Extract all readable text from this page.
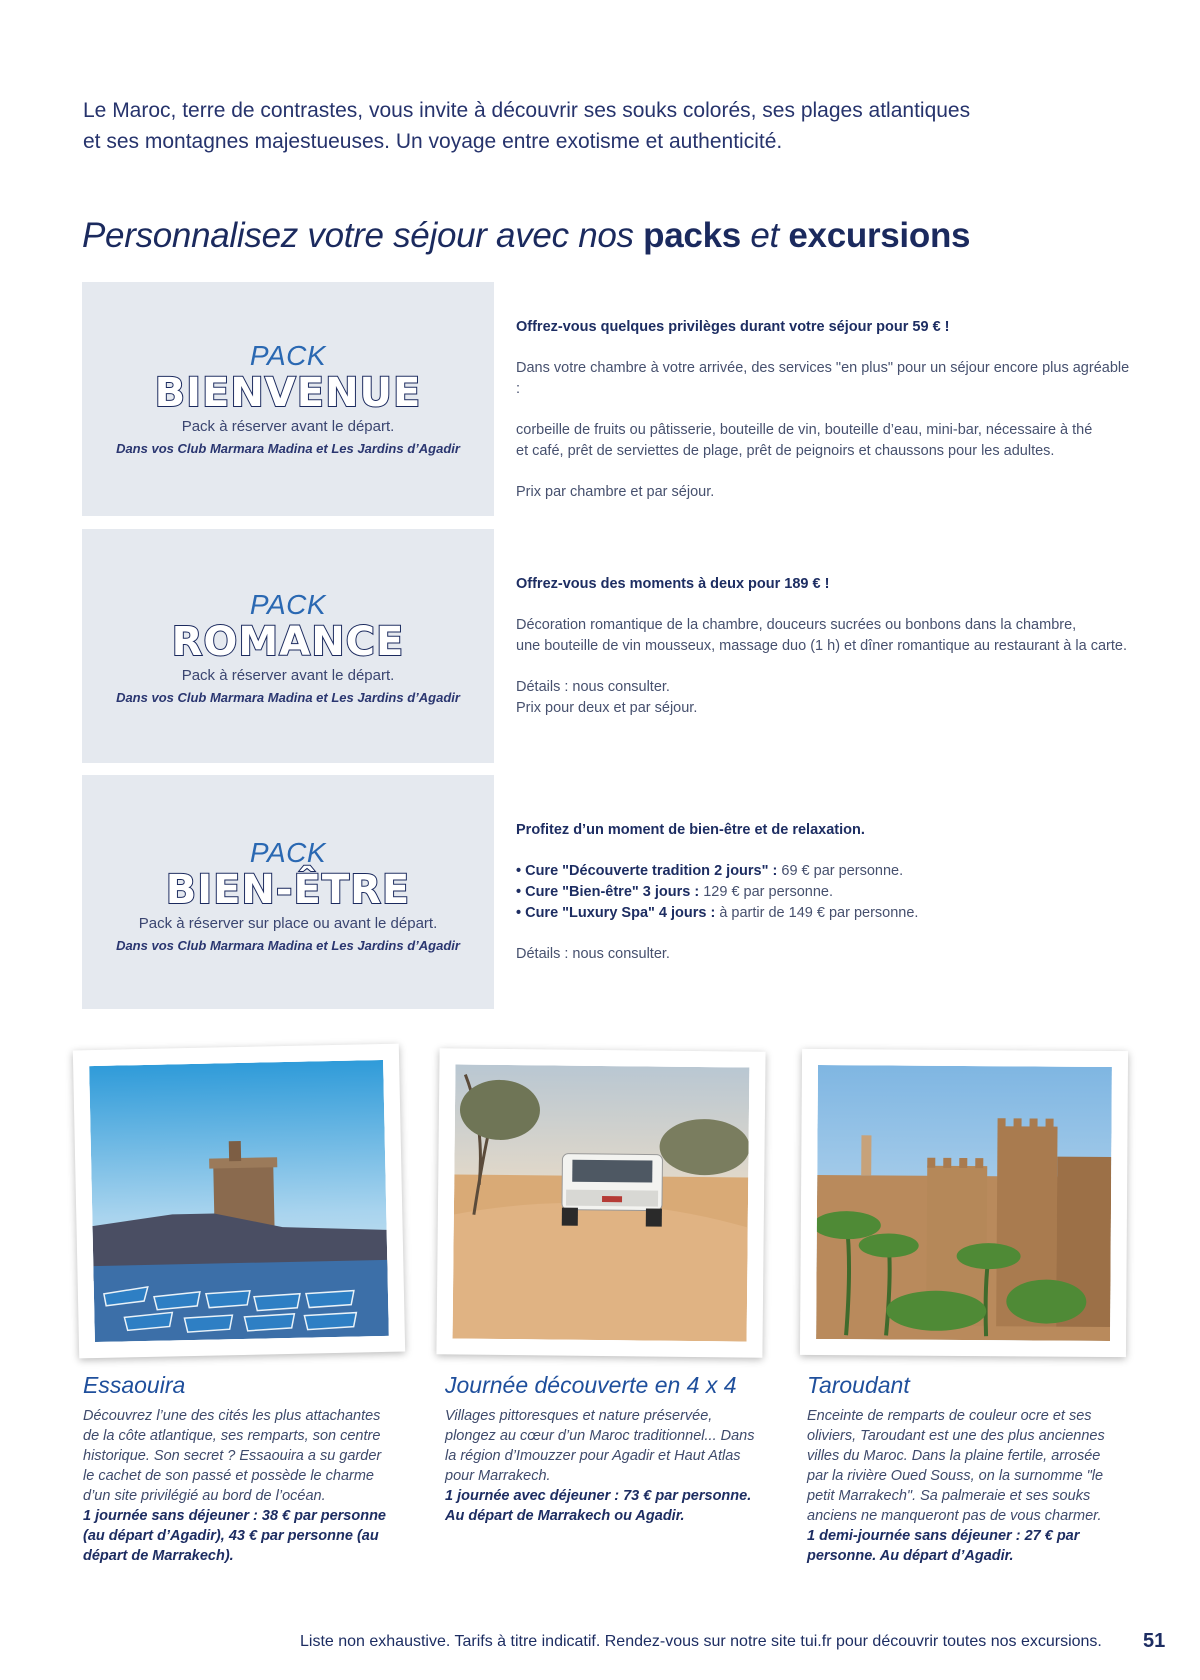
Le Maroc, terre de contrastes, vous invite à découvrir ses souks colorés, ses plages atlantiques
et ses montagnes majestueuses. Un voyage entre exotisme et authenticité.
Personnalisez votre séjour avec nos packs et excursions
PACK
BIENVENUE
Pack à réserver avant le départ.
Dans vos Club Marmara Madina et Les Jardins d’Agadir
Offrez-vous quelques privilèges durant votre séjour pour 59 € !

Dans votre chambre à votre arrivée, des services "en plus" pour un séjour encore plus agréable :

corbeille de fruits ou pâtisserie, bouteille de vin, bouteille d’eau, mini-bar, nécessaire à thé
et café, prêt de serviettes de plage, prêt de peignoirs et chaussons pour les adultes.

Prix par chambre et par séjour.

PACK
ROMANCE
Pack à réserver avant le départ.
Dans vos Club Marmara Madina et Les Jardins d’Agadir
Offrez-vous des moments à deux pour 189 € !

Décoration romantique de la chambre, douceurs sucrées ou bonbons dans la chambre,
une bouteille de vin mousseux, massage duo (1 h) et dîner romantique au restaurant à la carte.

Détails : nous consulter.
Prix pour deux et par séjour.

PACK
BIEN-ÊTRE
Pack à réserver sur place ou avant le départ.
Dans vos Club Marmara Madina et Les Jardins d’Agadir
Profitez d’un moment de bien-être et de relaxation.
• Cure "Découverte tradition 2 jours" : 69 € par personne.
• Cure "Bien-être" 3 jours : 129 € par personne.
• Cure "Luxury Spa" 4 jours : à partir de 149 € par personne.

Détails : nous consulter.

Essaouira
Découvrez l’une des cités les plus attachantes de la côte atlantique, ses remparts, son centre historique. Son secret ? Essaouira a su garder le cachet de son passé et possède le charme d’un site privilégié au bord de l’océan.
1 journée sans déjeuner : 38 € par personne (au départ d’Agadir), 43 € par personne (au départ de Marrakech).
Journée découverte en 4 x 4
Villages pittoresques et nature préservée, plongez au cœur d’un Maroc traditionnel... Dans la région d’Imouzzer pour Agadir et Haut Atlas pour Marrakech.
1 journée avec déjeuner : 73 € par personne. Au départ de Marrakech ou Agadir.
Taroudant
Enceinte de remparts de couleur ocre et ses oliviers, Taroudant est une des plus anciennes villes du Maroc. Dans la plaine fertile, arrosée par la rivière Oued Souss, on la surnomme "le petit Marrakech". Sa palmeraie et ses souks anciens ne manqueront pas de vous charmer.
1 demi-journée sans déjeuner : 27 € par personne. Au départ d’Agadir.
Liste non exhaustive. Tarifs à titre indicatif. Rendez-vous sur notre site tui.fr pour découvrir toutes nos excursions. 51
